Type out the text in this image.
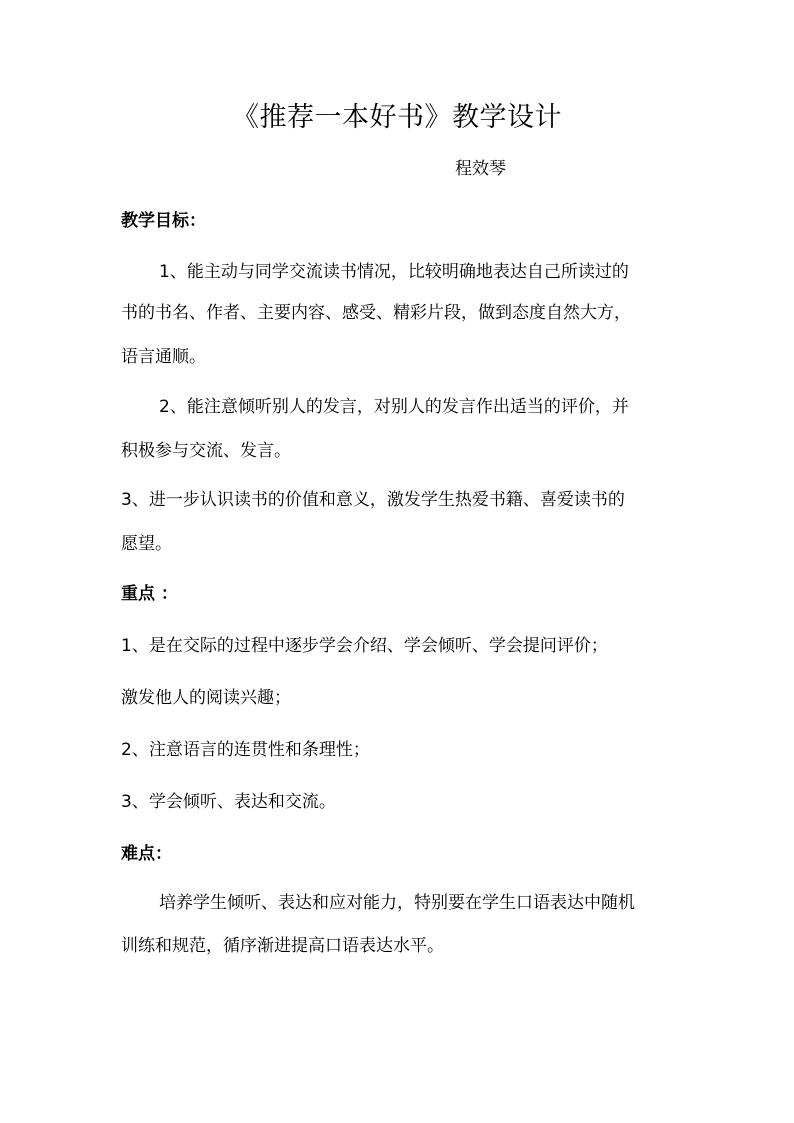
《推荐一本好书》教学设计
程效琴
教学目标：
1、能主动与同学交流读书情况，比较明确地表达自己所读过的
书的书名、作者、主要内容、感受、精彩片段，做到态度自然大方，
语言通顺。
2、能注意倾听别人的发言，对别人的发言作出适当的评价，并
积极参与交流、发言。
3、进一步认识读书的价值和意义，激发学生热爱书籍、喜爱读书的
愿望。
重点 ：
1、是在交际的过程中逐步学会介绍、学会倾听、学会提问评价；
激发他人的阅读兴趣；
2、注意语言的连贯性和条理性；
3、学会倾听、表达和交流。
难点：
培养学生倾听、表达和应对能力，特别要在学生口语表达中随机
训练和规范，循序渐进提高口语表达水平。
